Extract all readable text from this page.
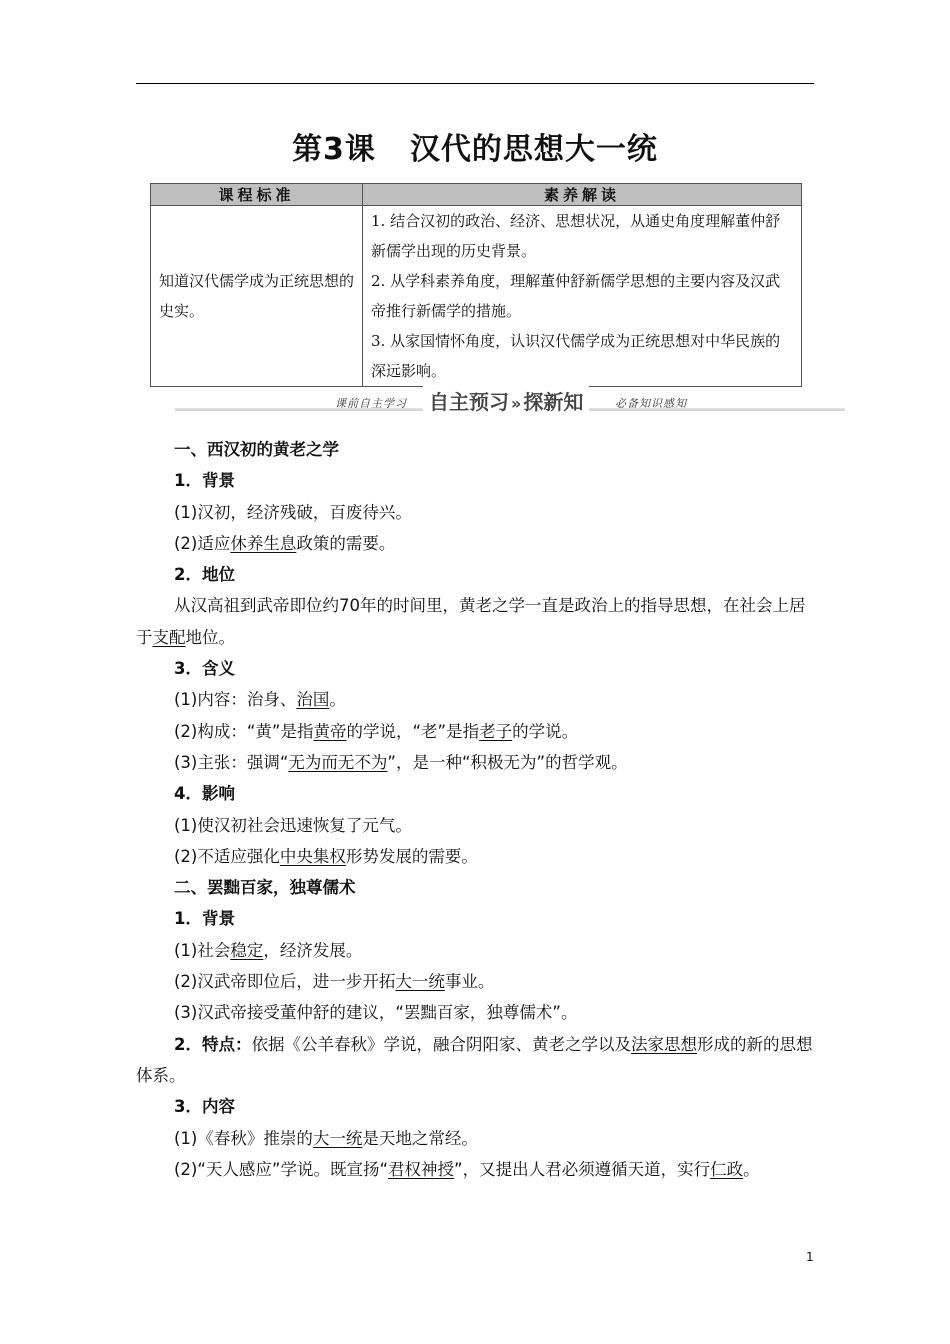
第3课 汉代的思想大一统
课程标准	素养解读
知道汉代儒学成为正统思想的史实。	1. 结合汉初的政治、经济、思想状况，从通史角度理解董仲舒新儒学出现的历史背景。
2. 从学科素养角度，理解董仲舒新儒学思想的主要内容及汉武帝推行新儒学的措施。
3. 从家国情怀角度，认识汉代儒学成为正统思想对中华民族的深远影响。
课前自主学习	自主预习 » 探新知	必备知识感知

一、西汉初的黄老之学

1．背景

(1)汉初，经济残破，百废待兴。

(2)适应休养生息政策的需要。

2．地位

从汉高祖到武帝即位约70年的时间里，黄老之学一直是政治上的指导思想，在社会上居于支配地位。

3．含义

(1)内容：治身、治国。

(2)构成：“黄”是指黄帝的学说，“老”是指老子的学说。

(3)主张：强调“无为而无不为”，是一种“积极无为”的哲学观。

4．影响

(1)使汉初社会迅速恢复了元气。

(2)不适应强化中央集权形势发展的需要。

二、罢黜百家，独尊儒术

1．背景

(1)社会稳定，经济发展。

(2)汉武帝即位后，进一步开拓大一统事业。

(3)汉武帝接受董仲舒的建议，“罢黜百家，独尊儒术”。

2．特点：依据《公羊春秋》学说，融合阴阳家、黄老之学以及法家思想形成的新的思想体系。

3．内容

(1)《春秋》推崇的大一统是天地之常经。

(2)“天人感应”学说。既宣扬“君权神授”，又提出人君必须遵循天道，实行仁政。

1
